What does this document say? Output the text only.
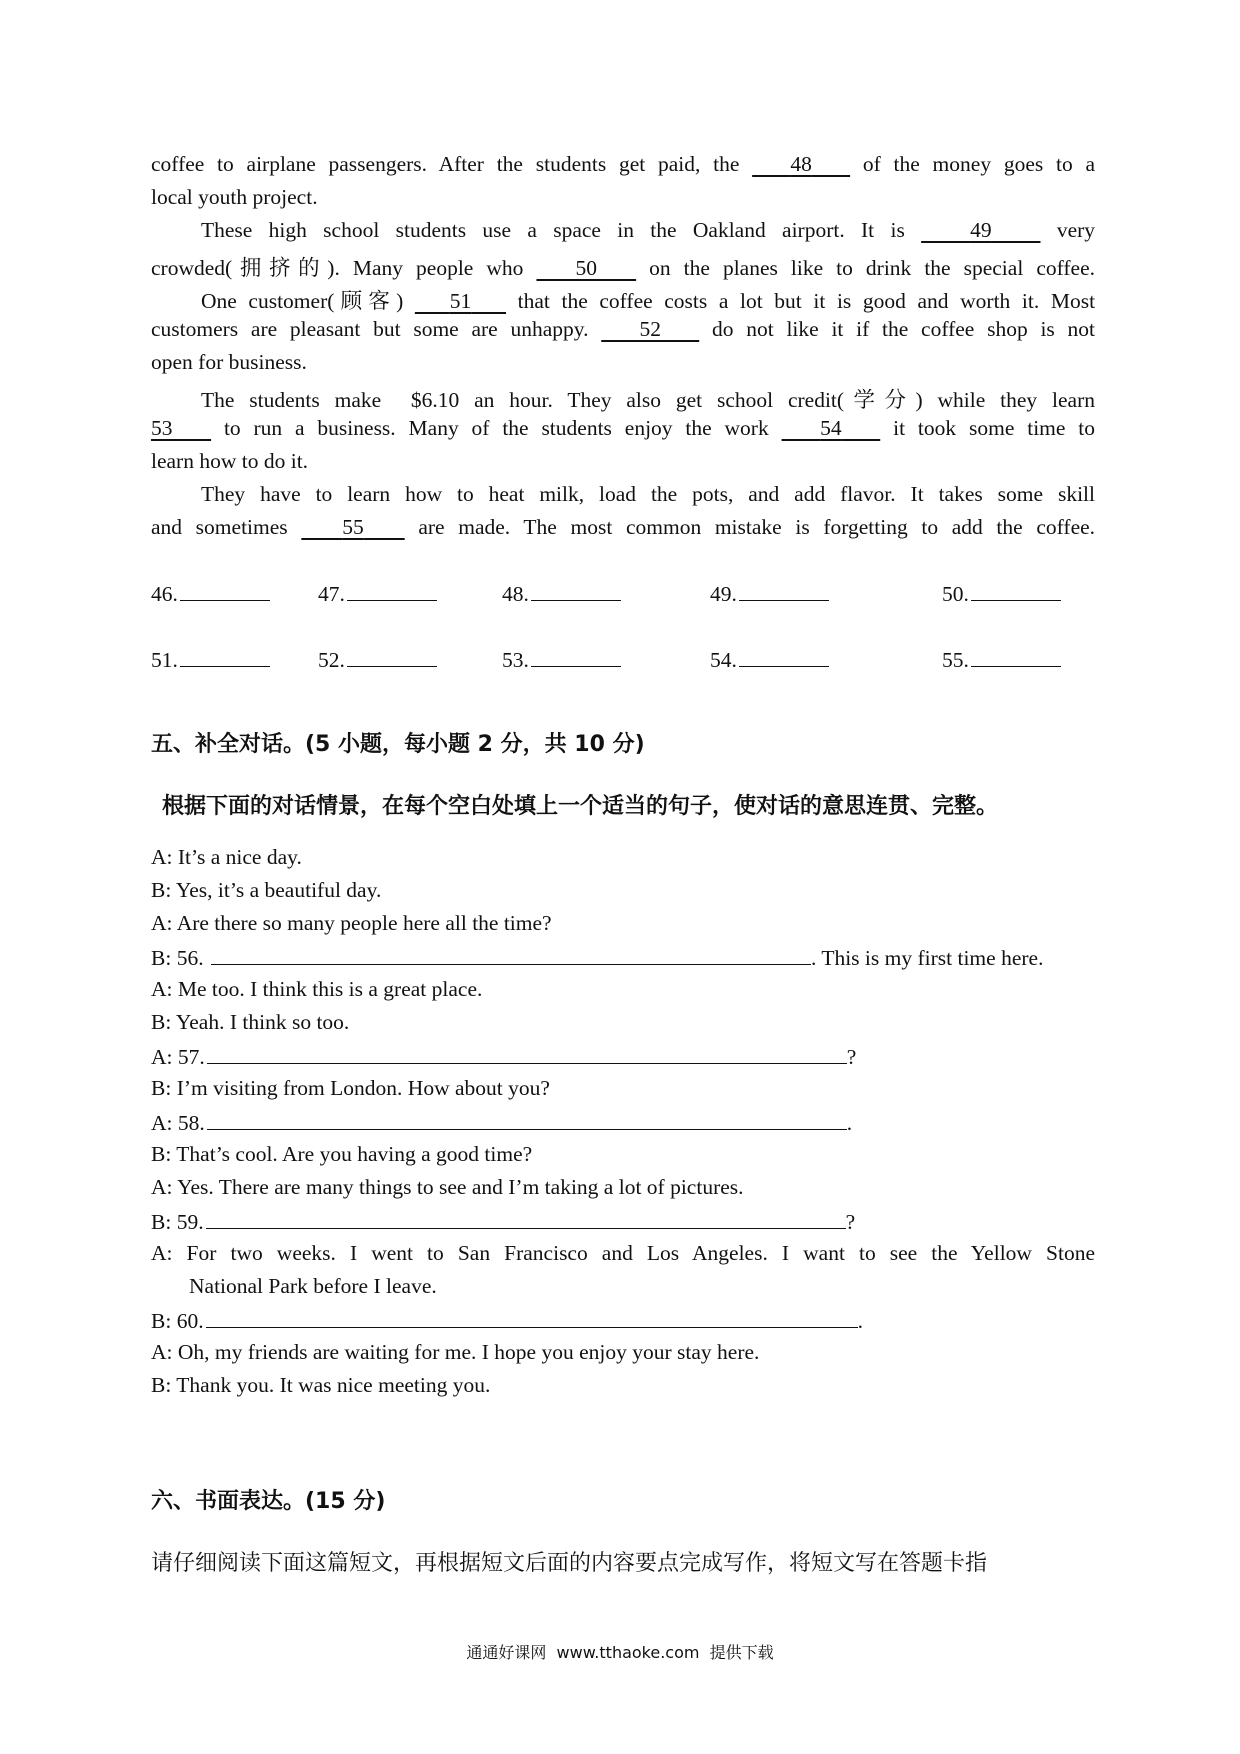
coffee to airplane passengers. After the students get paid, the 48 of the money goes to a
local youth project.
These high school students use a space in the Oakland airport. It is	49	very
crowded(拥挤的). Many people who 50 on the planes like to drink the special coffee.
One customer(顾客) 51 that the coffee costs a lot but it is good and worth it. Most
customers are pleasant but some are unhappy. 52 do not like it if the coffee shop is not
open for business.
The students make  $6.10 an hour. They also get school credit(学分) while they learn
53 to run a business. Many of the students enjoy the work 54 it took some time to
learn how to do it.
They have to learn how to heat milk, load the pots, and add flavor. It takes some skill
and sometimes	55	are made. The most common mistake is forgetting to add the coffee.
46.	47.	48.	49.	50.
51.	52.	53.	54.	55.
五、补全对话。(5 小题，每小题 2 分，共 10 分)
根据下面的对话情景，在每个空白处填上一个适当的句子，使对话的意思连贯、完整。
A: It’s a nice day.
B: Yes, it’s a beautiful day.
A: Are there so many people here all the time?
B: 56.	. This is my first time here.
A: Me too. I think this is a great place.
B: Yeah. I think so too.
A: 57.	?
B: I’m visiting from London. How about you?
A: 58.	.
B: That’s cool. Are you having a good time?
A: Yes. There are many things to see and I’m taking a lot of pictures.
B: 59.	?
A: For two weeks. I went to San Francisco and Los Angeles. I want to see the Yellow Stone
National Park before I leave.
B: 60.	.
A: Oh, my friends are waiting for me. I hope you enjoy your stay here.
B: Thank you. It was nice meeting you.
六、书面表达。(15 分)
请仔细阅读下面这篇短文，再根据短文后面的内容要点完成写作，将短文写在答题卡指
通通好课网  www.tthaoke.com  提供下载
